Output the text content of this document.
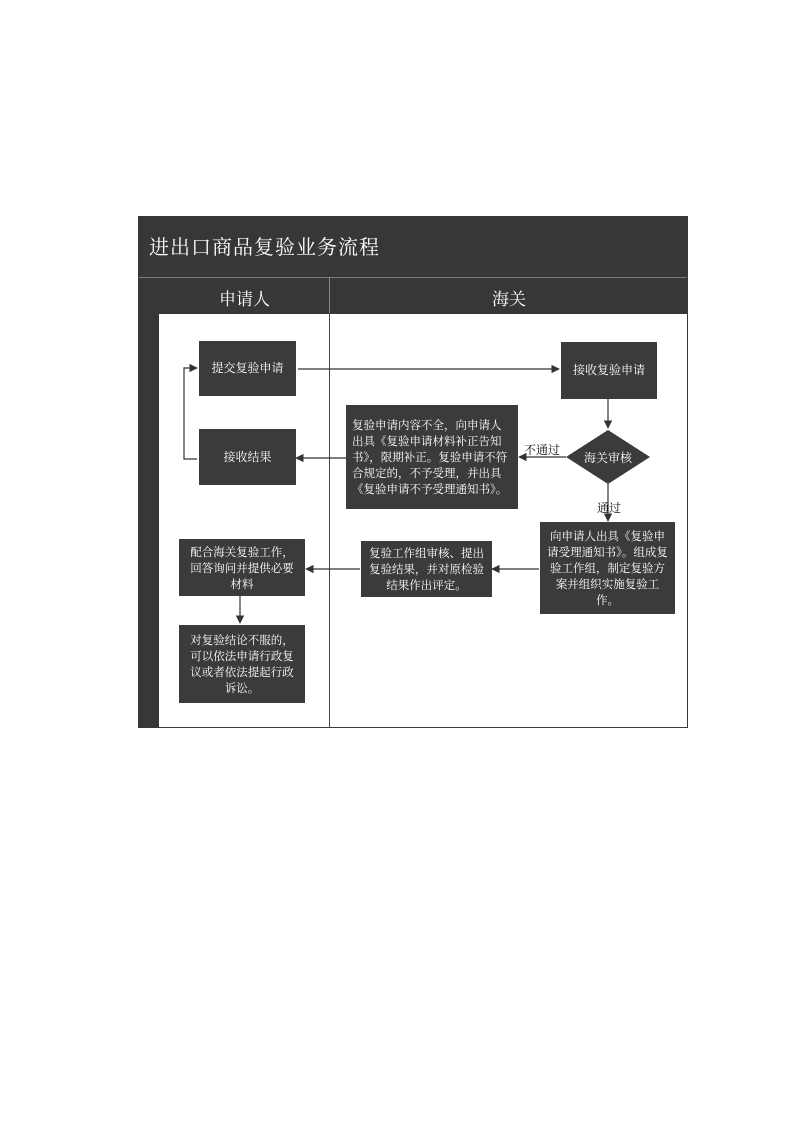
进出口商品复验业务流程
申请人	海关
提交复验申请	接收复验申请
海关审核
接收结果
复验申请内容不全，向申请人出具《复验申请材料补正告知书》，限期补正。复验申请不符合规定的，不予受理，并出具《复验申请不予受理通知书》。
向申请人出具《复验申请受理通知书》。组成复验工作组，制定复验方案并组织实施复验工作。
复验工作组审核、提出复验结果，并对原检验结果作出评定。
配合海关复验工作，回答询问并提供必要材料
对复验结论不服的，可以依法申请行政复议或者依法提起行政诉讼。
不通过
通过
